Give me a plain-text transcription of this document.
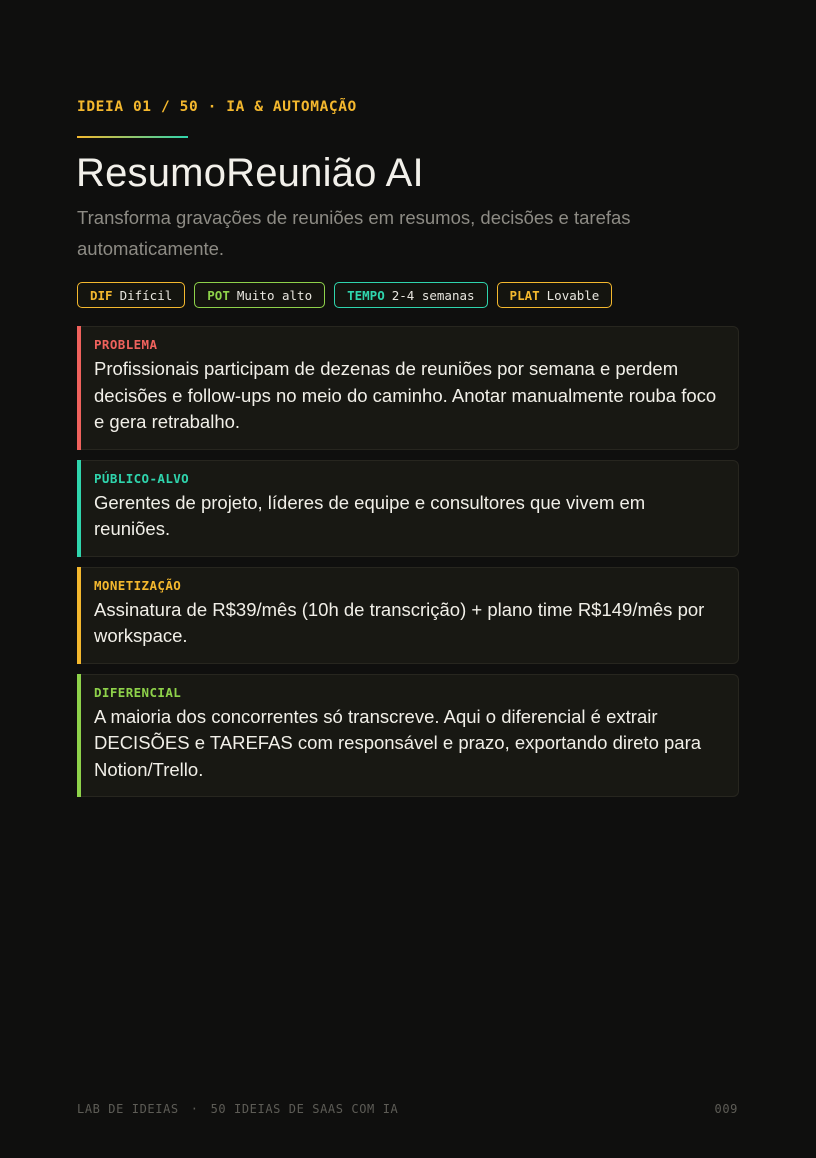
IDEIA 01 / 50 · IA & AUTOMAÇÃO
ResumoReunião AI
Transforma gravações de reuniões em resumos, decisões e tarefas automaticamente.
DIF Difícil	POT Muito alto	TEMPO 2-4 semanas	PLAT Lovable
PROBLEMA
Profissionais participam de dezenas de reuniões por semana e perdem decisões e follow-ups no meio do caminho. Anotar manualmente rouba foco e gera retrabalho.
PÚBLICO-ALVO
Gerentes de projeto, líderes de equipe e consultores que vivem em reuniões.
MONETIZAÇÃO
Assinatura de R$39/mês (10h de transcrição) + plano time R$149/mês por workspace.
DIFERENCIAL
A maioria dos concorrentes só transcreve. Aqui o diferencial é extrair DECISÕES e TAREFAS com responsável e prazo, exportando direto para Notion/Trello.
LAB DE IDEIAS · 50 IDEIAS DE SAAS COM IA	009
